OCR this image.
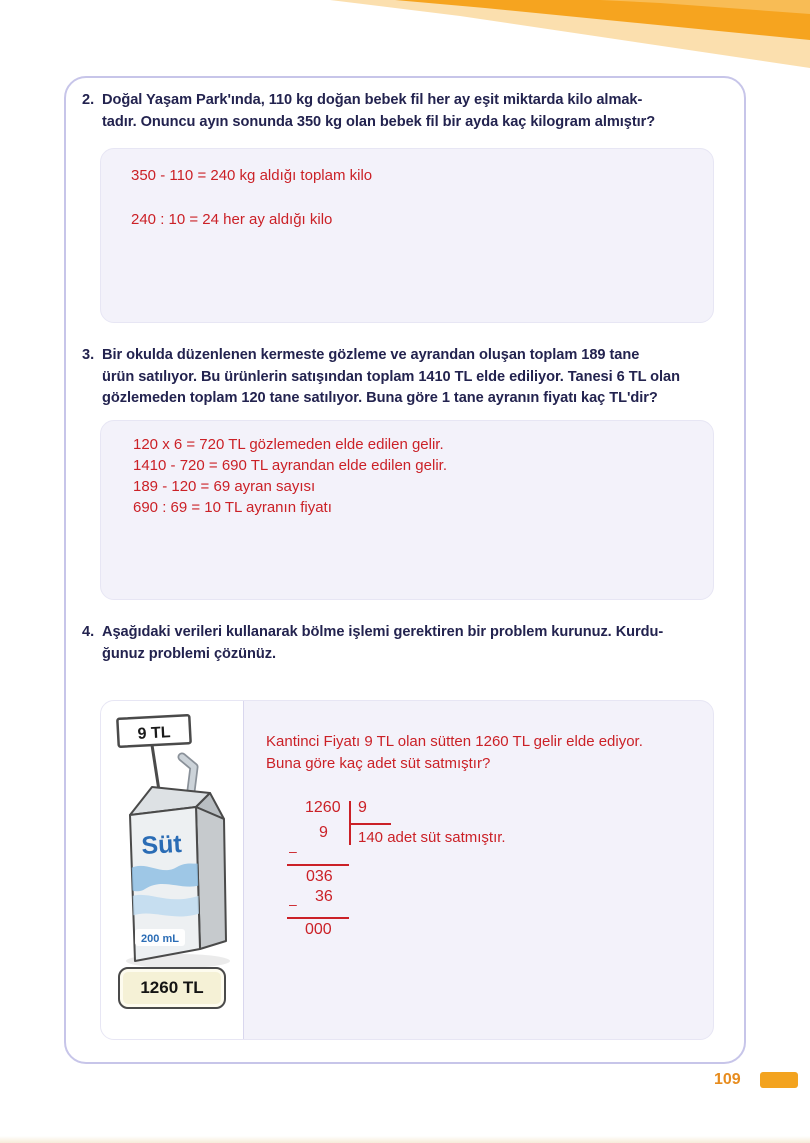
2. Doğal Yaşam Park'ında, 110 kg doğan bebek fil her ay eşit miktarda kilo almak-
tadır. Onuncu ayın sonunda 350 kg olan bebek fil bir ayda kaç kilogram almıştır?
350 - 110 = 240 kg aldığı toplam kilo
240 : 10 = 24 her ay aldığı kilo
3. Bir okulda düzenlenen kermeste gözleme ve ayrandan oluşan toplam 189 tane
ürün satılıyor. Bu ürünlerin satışından toplam 1410 TL elde ediliyor. Tanesi 6 TL olan
gözlemeden toplam 120 tane satılıyor. Buna göre 1 tane ayranın fiyatı kaç TL'dir?
120 x 6 = 720 TL gözlemeden elde edilen gelir.
1410 - 720 = 690 TL ayrandan elde edilen gelir.
189 - 120 = 69 ayran sayısı
690 : 69 = 10 TL ayranın fiyatı
4. Aşağıdaki verileri kullanarak bölme işlemi gerektiren bir problem kurunuz. Kurdu-
ğunuz problemi çözünüz.
9 TL
Süt
200 mL
1260 TL
Kantinci Fiyatı 9 TL olan sütten 1260 TL gelir elde ediyor.
Buna göre kaç adet süt satmıştır?
1260 9
140 adet süt satmıştır.
9
–
036
36
–
000
109
